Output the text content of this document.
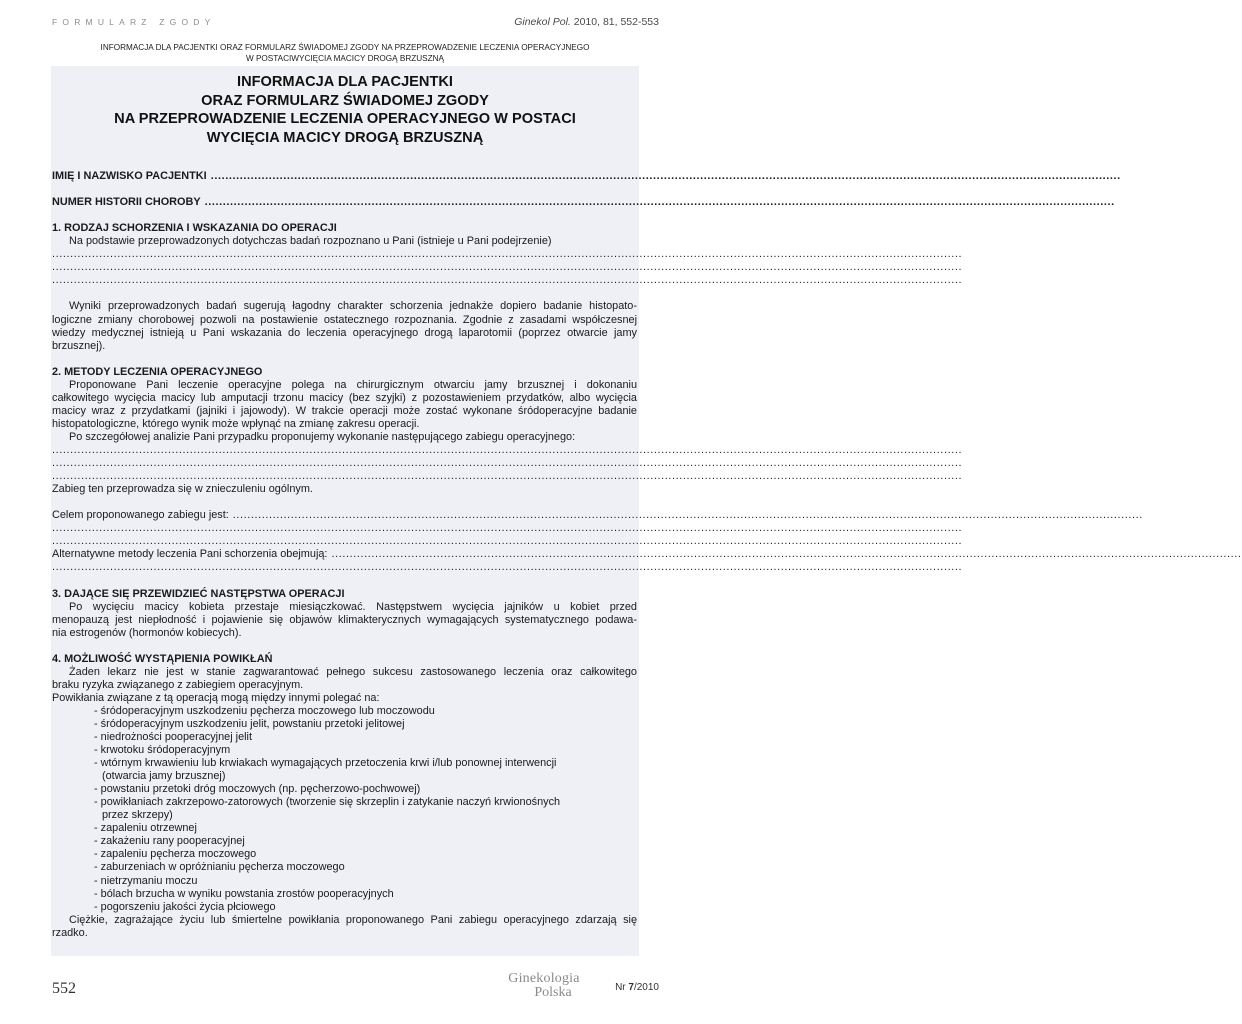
FORMULARZ ZGODY	Ginekol Pol. 2010, 81, 552-553
INFORMACJA DLA PACJENTKI ORAZ FORMULARZ ŚWIADOMEJ ZGODY NA PRZEPROWADZENIE LECZENIA OPERACYJNEGO
W POSTACIWYCIĘCIA MACICY DROGĄ BRZUSZNĄ
INFORMACJA DLA PACJENTKI
ORAZ FORMULARZ ŚWIADOMEJ ZGODY
NA PRZEPROWADZENIE LECZENIA OPERACYJNEGO W POSTACI
WYCIĘCIA MACICY DROGĄ BRZUSZNĄ
IMIĘ I NAZWISKO PACJENTKI ...........................................................................................................................................................................................................................................................
NUMER HISTORII CHOROBY ...........................................................................................................................................................................................................................................................
1. RODZAJ SCHORZENIA I WSKAZANIA DO OPERACJI
Na podstawie przeprowadzonych dotychczas badań rozpoznano u Pani (istnieje u Pani podejrzenie)
...........................................................................................................................................................................................................................................................
...........................................................................................................................................................................................................................................................
...........................................................................................................................................................................................................................................................
Wyniki przeprowadzonych badań sugerują łagodny charakter schorzenia jednakże dopiero badanie histopato-
logiczne zmiany chorobowej pozwoli na postawienie ostatecznego rozpoznania. Zgodnie z zasadami współczesnej
wiedzy medycznej istnieją u Pani wskazania do leczenia operacyjnego drogą laparotomii (poprzez otwarcie jamy
brzusznej).
2. METODY LECZENIA OPERACYJNEGO
Proponowane Pani leczenie operacyjne polega na chirurgicznym otwarciu jamy brzusznej i dokonaniu
całkowitego wycięcia macicy lub amputacji trzonu macicy (bez szyjki) z pozostawieniem przydatków, albo wycięcia
macicy wraz z przydatkami (jajniki i jajowody). W trakcie operacji może zostać wykonane śródoperacyjne badanie
histopatologiczne, którego wynik może wpłynąć na zmianę zakresu operacji.
Po szczegółowej analizie Pani przypadku proponujemy wykonanie następującego zabiegu operacyjnego:
...........................................................................................................................................................................................................................................................
...........................................................................................................................................................................................................................................................
...........................................................................................................................................................................................................................................................
Zabieg ten przeprowadza się w znieczuleniu ogólnym.
Celem proponowanego zabiegu jest: ...........................................................................................................................................................................................................................................................
...........................................................................................................................................................................................................................................................
...........................................................................................................................................................................................................................................................
Alternatywne metody leczenia Pani schorzenia obejmują: ...........................................................................................................................................................................................................................................................
...........................................................................................................................................................................................................................................................
3. DAJĄCE SIĘ PRZEWIDZIEĆ NASTĘPSTWA OPERACJI
Po wycięciu macicy kobieta przestaje miesiączkować. Następstwem wycięcia jajników u kobiet przed
menopauzą jest niepłodność i pojawienie się objawów klimakterycznych wymagających systematycznego podawa-
nia estrogenów (hormonów kobiecych).
4. MOŻLIWOŚĆ WYSTĄPIENIA POWIKŁAŃ
Żaden lekarz nie jest w stanie zagwarantować pełnego sukcesu zastosowanego leczenia oraz całkowitego
braku ryzyka związanego z zabiegiem operacyjnym.
Powikłania związane z tą operacją mogą między innymi polegać na:
- śródoperacyjnym uszkodzeniu pęcherza moczowego lub moczowodu
- śródoperacyjnym uszkodzeniu jelit, powstaniu przetoki jelitowej
- niedrożności pooperacyjnej jelit
- krwotoku śródoperacyjnym
- wtórnym krwawieniu lub krwiakach wymagających przetoczenia krwi i/lub ponownej interwencji
(otwarcia jamy brzusznej)
- powstaniu przetoki dróg moczowych (np. pęcherzowo-pochwowej)
- powikłaniach zakrzepowo-zatorowych (tworzenie się skrzeplin i zatykanie naczyń krwionośnych
przez skrzepy)
- zapaleniu otrzewnej
- zakażeniu rany pooperacyjnej
- zapaleniu pęcherza moczowego
- zaburzeniach w opróżnianiu pęcherza moczowego
- nietrzymaniu moczu
- bólach brzucha w wyniku powstania zrostów pooperacyjnych
- pogorszeniu jakości życia płciowego
Ciężkie, zagrażające życiu lub śmiertelne powikłania proponowanego Pani zabiegu operacyjnego zdarzają się
rzadko.
552
Ginekologia
Polska	Nr 7/2010
